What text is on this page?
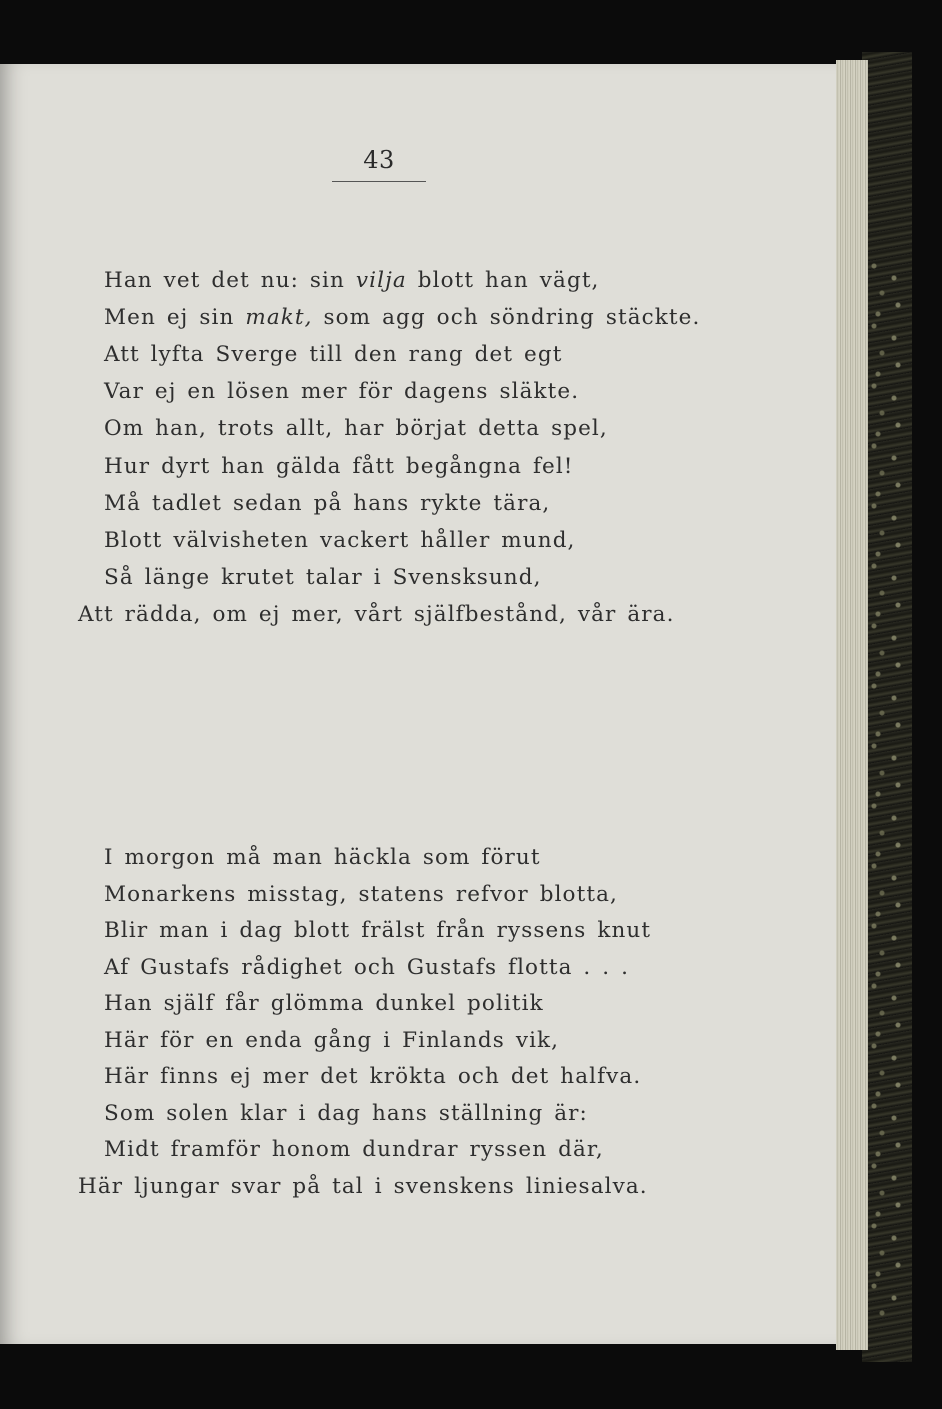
43
Han vet det nu: sin vilja blott han vägt,
Men ej sin makt, som agg och söndring stäckte.
Att lyfta Sverge till den rang det egt
Var ej en lösen mer för dagens släkte.
Om han, trots allt, har börjat detta spel,
Hur dyrt han gälda fått begångna fel!
Må tadlet sedan på hans rykte tära,
Blott välvisheten vackert håller mund,
Så länge krutet talar i Svensksund,
Att rädda, om ej mer, vårt själfbestånd, vår ära.
I morgon må man häckla som förut
Monarkens misstag, statens refvor blotta,
Blir man i dag blott frälst från ryssens knut
Af Gustafs rådighet och Gustafs flotta . . .
Han själf får glömma dunkel politik
Här för en enda gång i Finlands vik,
Här finns ej mer det krökta och det halfva.
Som solen klar i dag hans ställning är:
Midt framför honom dundrar ryssen där,
Här ljungar svar på tal i svenskens liniesalva.
